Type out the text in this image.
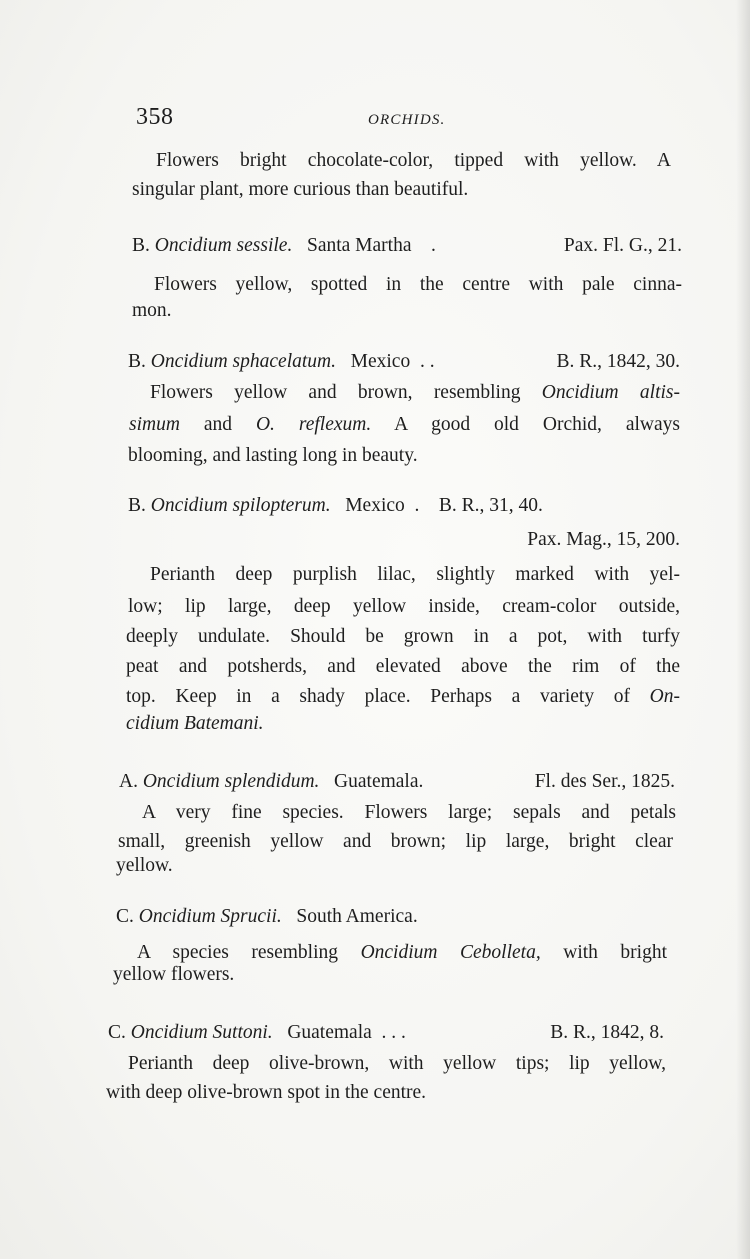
358	ORCHIDS.
Flowers bright chocolate-color, tipped with yellow. A
singular plant, more curious than beautiful.
B. Oncidium sessile. Santa Martha .	Pax. Fl. G., 21.
Flowers yellow, spotted in the centre with pale cinna-
mon.
B. Oncidium sphacelatum. Mexico . .	B. R., 1842, 30.
Flowers yellow and brown, resembling Oncidium altis-
simum and O. reflexum. A good old Orchid, always
blooming, and lasting long in beauty.
B. Oncidium spilopterum. Mexico . B. R., 31, 40.
Pax. Mag., 15, 200.
Perianth deep purplish lilac, slightly marked with yel-
low; lip large, deep yellow inside, cream-color outside,
deeply undulate. Should be grown in a pot, with turfy
peat and potsherds, and elevated above the rim of the
top. Keep in a shady place. Perhaps a variety of On-
cidium Batemani.
A. Oncidium splendidum. Guatemala.	Fl. des Ser., 1825.
A very fine species. Flowers large; sepals and petals
small, greenish yellow and brown; lip large, bright clear
yellow.
C. Oncidium Sprucii. South America.
A species resembling Oncidium Cebolleta, with bright
yellow flowers.
C. Oncidium Suttoni. Guatemala . . .	B. R., 1842, 8.
Perianth deep olive-brown, with yellow tips; lip yellow,
with deep olive-brown spot in the centre.
